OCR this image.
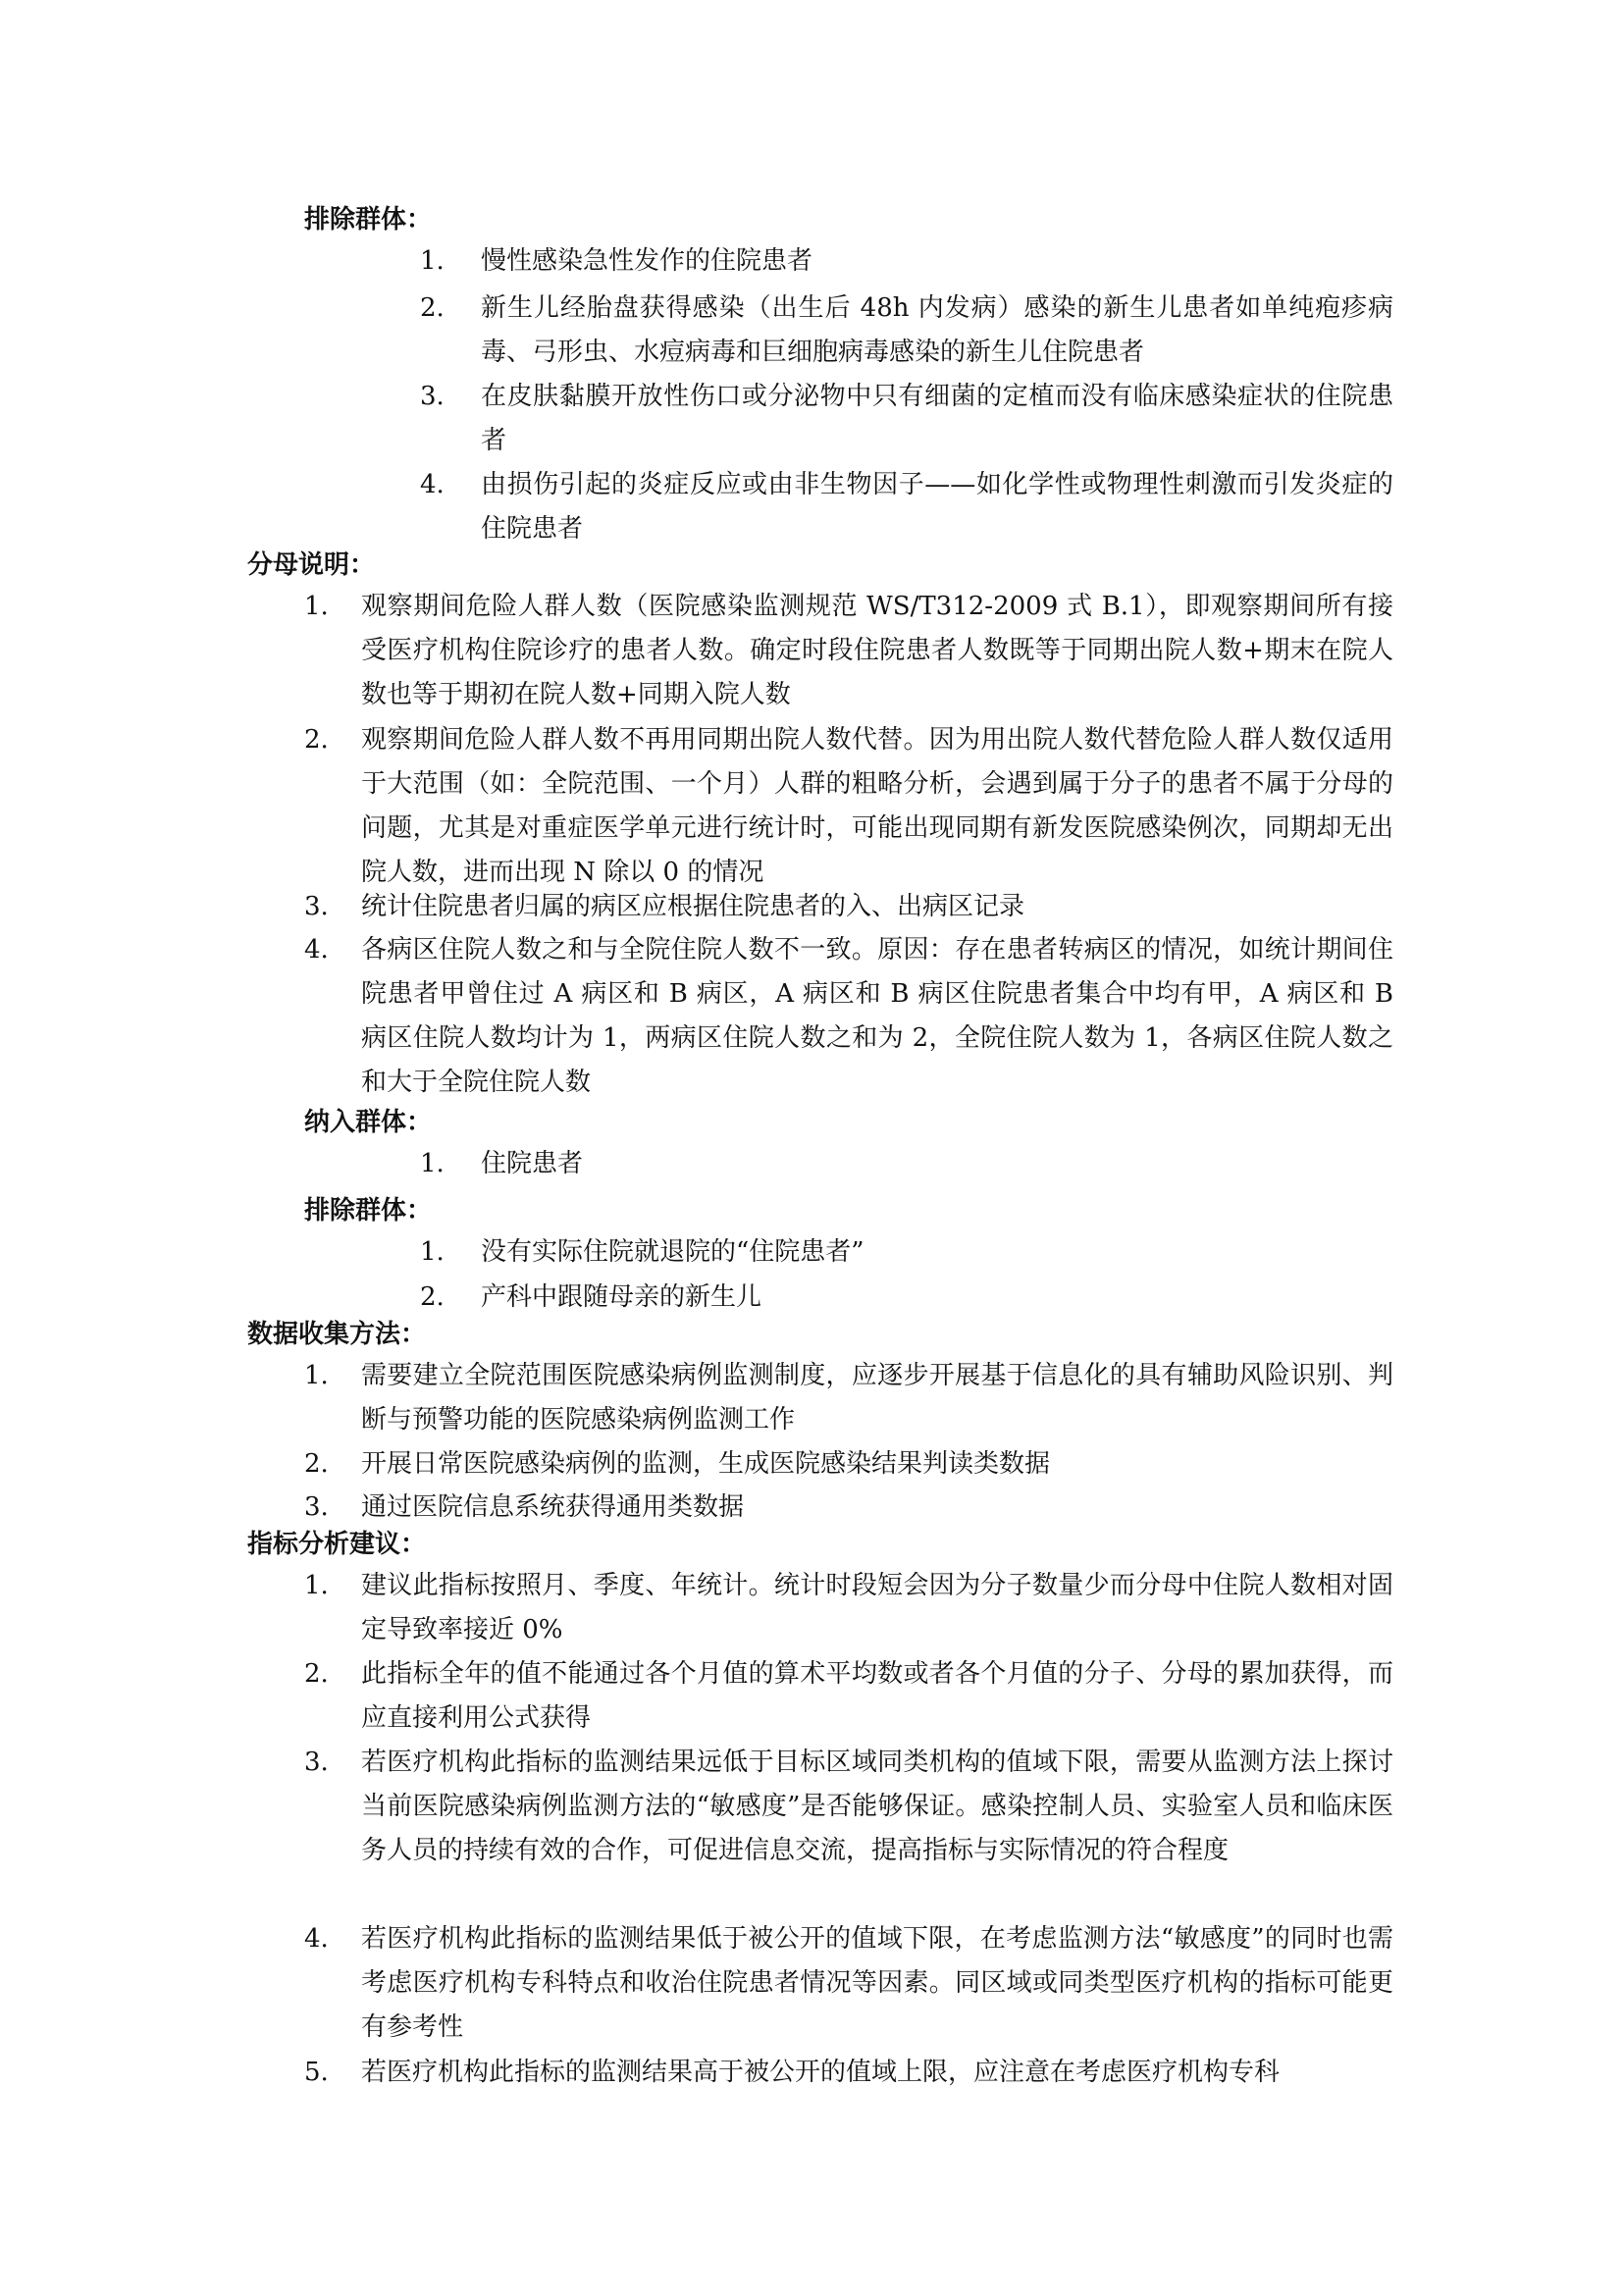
排除群体：
1. 慢性感染急性发作的住院患者
2. 新生儿经胎盘获得感染（出生后 48h 内发病）感染的新生儿患者如单纯疱疹病毒、弓形虫、水痘病毒和巨细胞病毒感染的新生儿住院患者
3. 在皮肤黏膜开放性伤口或分泌物中只有细菌的定植而没有临床感染症状的住院患者
4. 由损伤引起的炎症反应或由非生物因子——如化学性或物理性刺激而引发炎症的住院患者
分母说明：
1. 观察期间危险人群人数（医院感染监测规范 WS/T312-2009 式 B.1），即观察期间所有接受医疗机构住院诊疗的患者人数。确定时段住院患者人数既等于同期出院人数+期末在院人数也等于期初在院人数+同期入院人数
2. 观察期间危险人群人数不再用同期出院人数代替。因为用出院人数代替危险人群人数仅适用于大范围（如：全院范围、一个月）人群的粗略分析，会遇到属于分子的患者不属于分母的问题，尤其是对重症医学单元进行统计时，可能出现同期有新发医院感染例次，同期却无出院人数，进而出现 N 除以 0 的情况
3. 统计住院患者归属的病区应根据住院患者的入、出病区记录
4. 各病区住院人数之和与全院住院人数不一致。原因：存在患者转病区的情况，如统计期间住院患者甲曾住过 A 病区和 B 病区，A 病区和 B 病区住院患者集合中均有甲，A 病区和 B 病区住院人数均计为 1，两病区住院人数之和为 2，全院住院人数为 1，各病区住院人数之和大于全院住院人数
纳入群体：
1. 住院患者
排除群体：
1. 没有实际住院就退院的“住院患者”
2. 产科中跟随母亲的新生儿
数据收集方法：
1. 需要建立全院范围医院感染病例监测制度，应逐步开展基于信息化的具有辅助风险识别、判断与预警功能的医院感染病例监测工作
2. 开展日常医院感染病例的监测，生成医院感染结果判读类数据
3. 通过医院信息系统获得通用类数据
指标分析建议：
1. 建议此指标按照月、季度、年统计。统计时段短会因为分子数量少而分母中住院人数相对固定导致率接近 0%
2. 此指标全年的值不能通过各个月值的算术平均数或者各个月值的分子、分母的累加获得，而应直接利用公式获得
3. 若医疗机构此指标的监测结果远低于目标区域同类机构的值域下限，需要从监测方法上探讨当前医院感染病例监测方法的“敏感度”是否能够保证。感染控制人员、实验室人员和临床医务人员的持续有效的合作，可促进信息交流，提高指标与实际情况的符合程度
4. 若医疗机构此指标的监测结果低于被公开的值域下限，在考虑监测方法“敏感度”的同时也需考虑医疗机构专科特点和收治住院患者情况等因素。同区域或同类型医疗机构的指标可能更有参考性
5. 若医疗机构此指标的监测结果高于被公开的值域上限，应注意在考虑医疗机构专科
